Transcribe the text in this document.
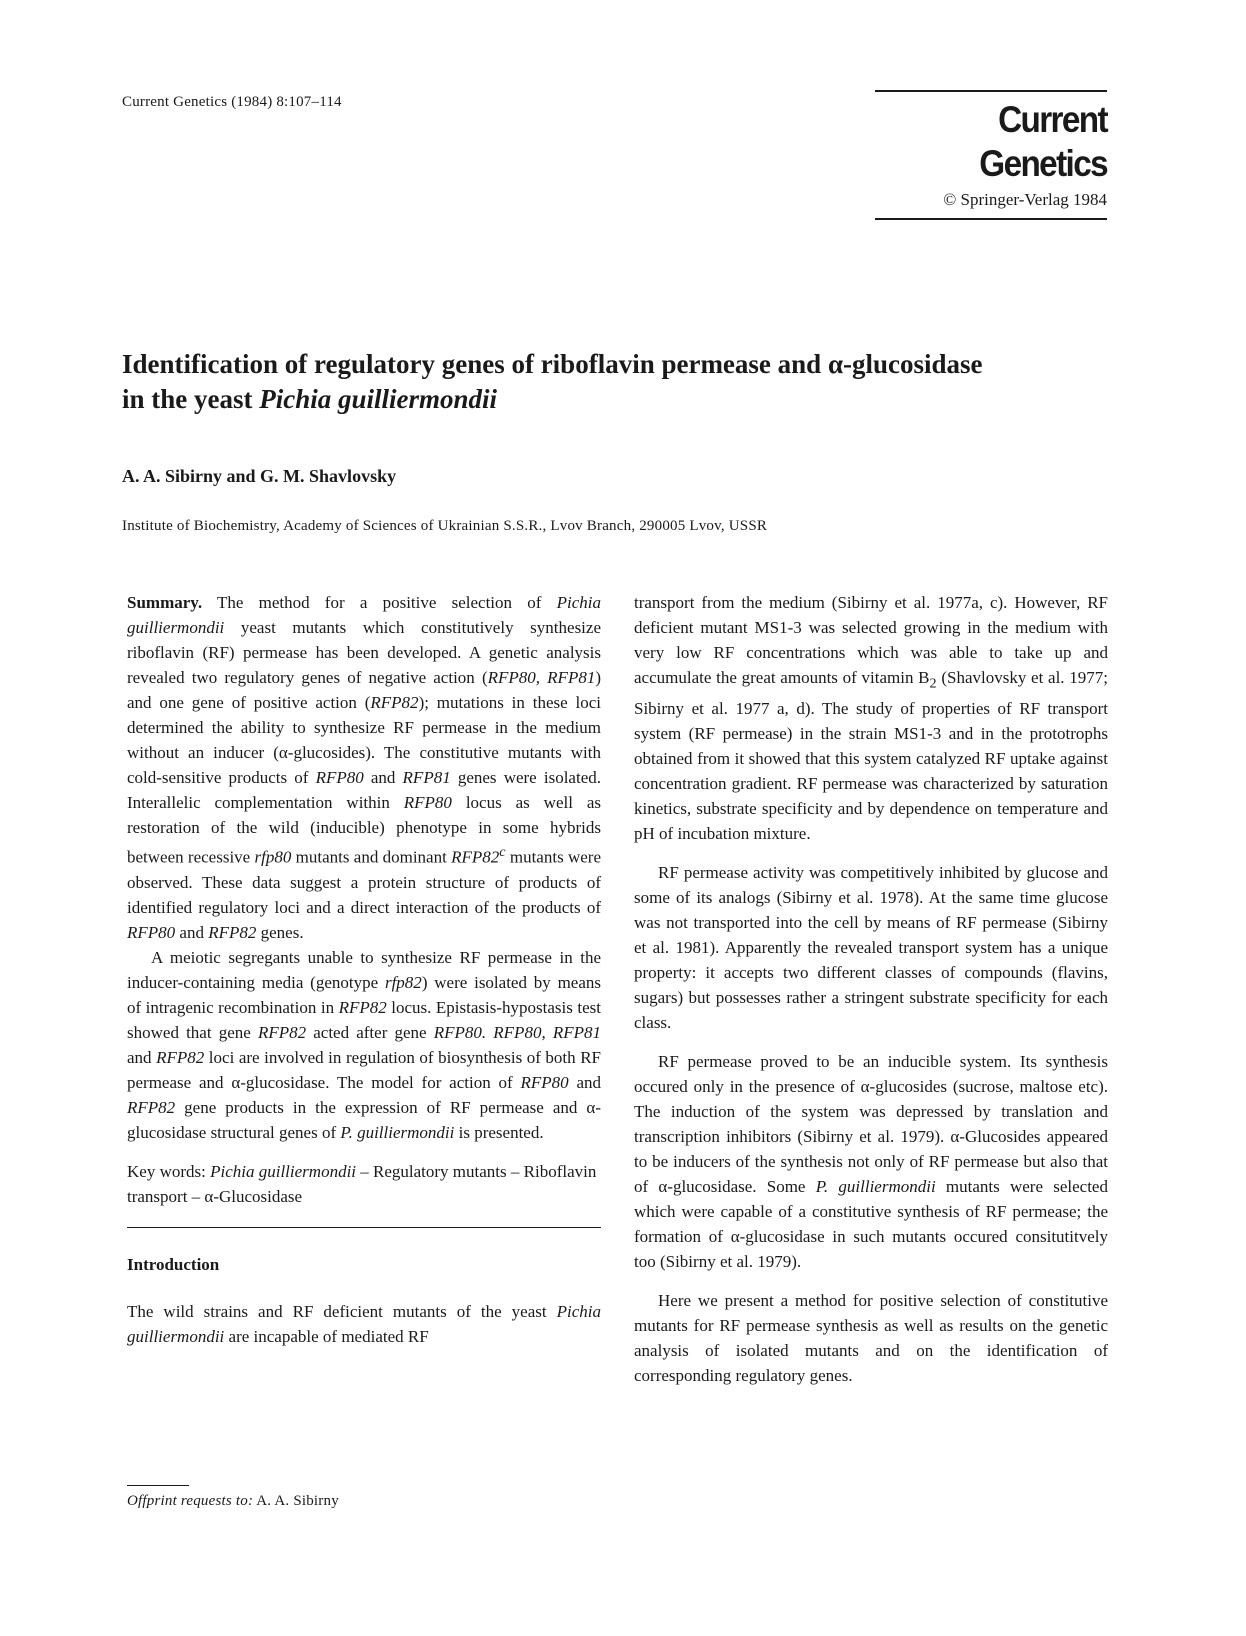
Current Genetics (1984) 8:107–114	Current Genetics
© Springer-Verlag 1984
Identification of regulatory genes of riboflavin permease and α-glucosidase
in the yeast Pichia guilliermondii
A. A. Sibirny and G. M. Shavlovsky
Institute of Biochemistry, Academy of Sciences of Ukrainian S.S.R., Lvov Branch, 290005 Lvov, USSR

Summary. The method for a positive selection of Pichia guilliermondii yeast mutants which constitutively synthesize riboflavin (RF) permease has been developed. A genetic analysis revealed two regulatory genes of negative action (RFP80, RFP81) and one gene of positive action (RFP82); mutations in these loci determined the ability to synthesize RF permease in the medium without an inducer (α-glucosides). The constitutive mutants with cold-sensitive products of RFP80 and RFP81 genes were isolated. Interallelic complementation within RFP80 locus as well as restoration of the wild (inducible) phenotype in some hybrids between recessive rfp80 mutants and dominant RFP82$^c$ mutants were observed. These data suggest a protein structure of products of identified regulatory loci and a direct interaction of the products of RFP80 and RFP82 genes.

A meiotic segregants unable to synthesize RF permease in the inducer-containing media (genotype rfp82) were isolated by means of intragenic recombination in RFP82 locus. Epistasis-hypostasis test showed that gene RFP82 acted after gene RFP80. RFP80, RFP81 and RFP82 loci are involved in regulation of biosynthesis of both RF permease and α-glucosidase. The model for action of RFP80 and RFP82 gene products in the expression of RF permease and α-glucosidase structural genes of P. guilliermondii is presented.

Key words: Pichia guilliermondii – Regulatory mutants – Riboflavin transport – α-Glucosidase

Introduction

The wild strains and RF deficient mutants of the yeast Pichia guilliermondii are incapable of mediated RF

Offprint requests to: A. A. Sibirny

transport from the medium (Sibirny et al. 1977a, c). However, RF deficient mutant MS1-3 was selected growing in the medium with very low RF concentrations which was able to take up and accumulate the great amounts of vitamin $B_2$ (Shavlovsky et al. 1977; Sibirny et al. 1977 a, d). The study of properties of RF transport system (RF permease) in the strain MS1-3 and in the prototrophs obtained from it showed that this system catalyzed RF uptake against concentration gradient. RF permease was characterized by saturation kinetics, substrate specificity and by dependence on temperature and pH of incubation mixture.

RF permease activity was competitively inhibited by glucose and some of its analogs (Sibirny et al. 1978). At the same time glucose was not transported into the cell by means of RF permease (Sibirny et al. 1981). Apparently the revealed transport system has a unique property: it accepts two different classes of compounds (flavins, sugars) but possesses rather a stringent substrate specificity for each class.

RF permease proved to be an inducible system. Its synthesis occured only in the presence of α-glucosides (sucrose, maltose etc). The induction of the system was depressed by translation and transcription inhibitors (Sibirny et al. 1979). α-Glucosides appeared to be inducers of the synthesis not only of RF permease but also that of α-glucosidase. Some P. guilliermondii mutants were selected which were capable of a constitutive synthesis of RF permease; the formation of α-glucosidase in such mutants occured consitutitvely too (Sibirny et al. 1979).

Here we present a method for positive selection of constitutive mutants for RF permease synthesis as well as results on the genetic analysis of isolated mutants and on the identification of corresponding regulatory genes.
